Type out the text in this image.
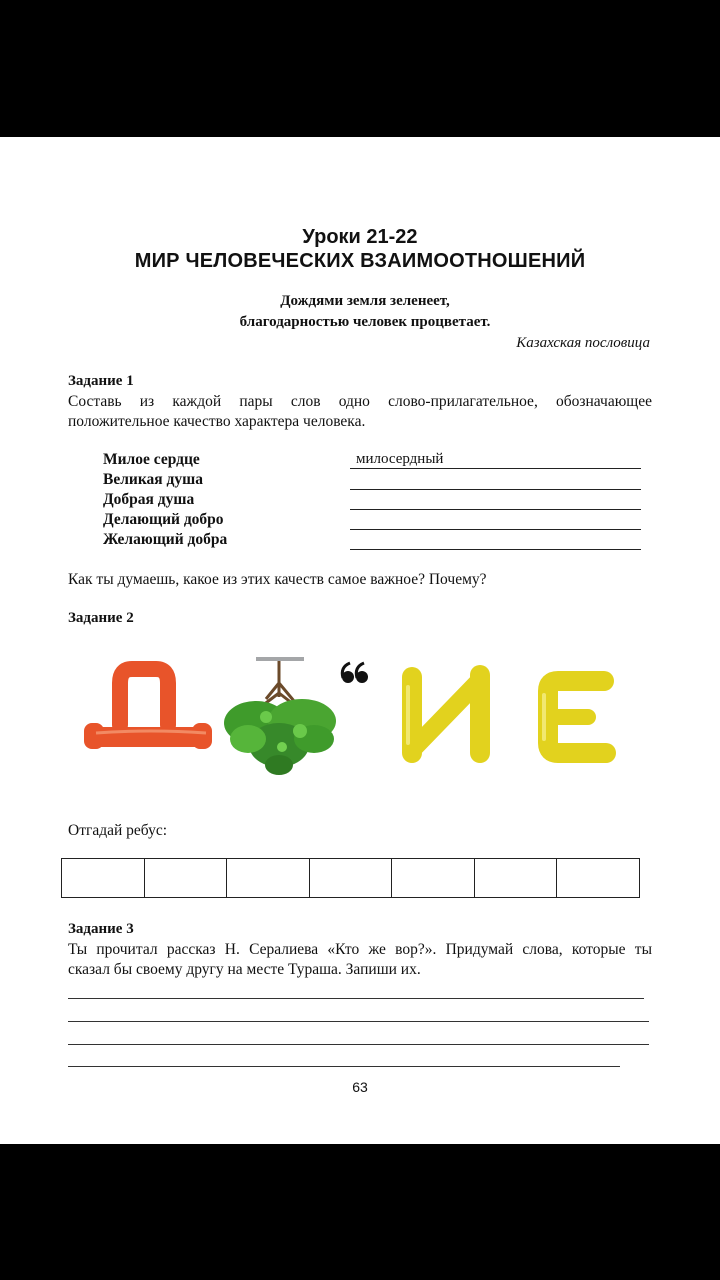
Уроки 21-22
МИР ЧЕЛОВЕЧЕСКИХ ВЗАИМООТНОШЕНИЙ
Дождями земля зеленеет,
благодарностью человек процветает.
Казахская пословица
Задание 1
Составь из каждой пары слов одно слово-прилагательное, обозначающее
положительное качество характера человека.
Милое сердце
Великая душа
Добрая душа
Делающий добро
Желающий добра
милосердный
Как ты думаешь, какое из этих качеств самое важное? Почему?
Задание 2
Отгадай ребус:
Задание 3
Ты прочитал рассказ Н. Сералиева «Кто же вор?». Придумай слова, которые ты
сказал бы своему другу на месте Тураша. Запиши их.
63
